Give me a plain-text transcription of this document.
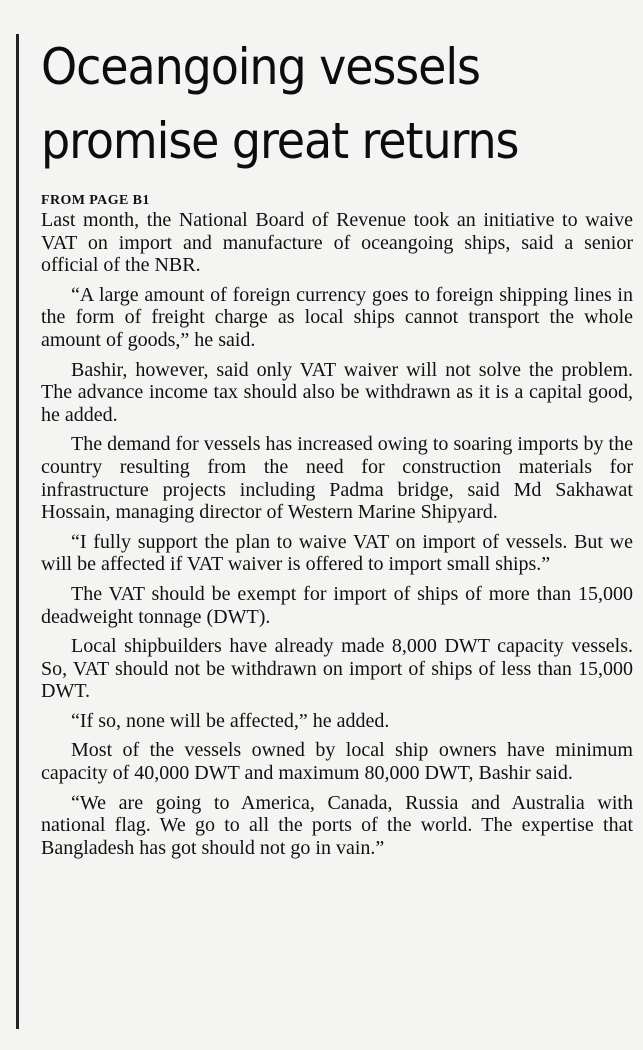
Oceangoing vessels
promise great returns
FROM PAGE B1

Last month, the National Board of Revenue took an initiative to waive VAT on import and manufacture of oceangoing ships, said a senior official of the NBR.

“A large amount of foreign currency goes to foreign shipping lines in the form of freight charge as local ships cannot transport the whole amount of goods,” he said.

Bashir, however, said only VAT waiver will not solve the problem. The advance income tax should also be withdrawn as it is a capital good, he added.

The demand for vessels has increased owing to soaring imports by the country resulting from the need for construction materials for infrastructure projects including Padma bridge, said Md Sakhawat Hossain, managing director of Western Marine Shipyard.

“I fully support the plan to waive VAT on import of vessels. But we will be affected if VAT waiver is offered to import small ships.”

The VAT should be exempt for import of ships of more than 15,000 deadweight tonnage (DWT).

Local shipbuilders have already made 8,000 DWT capacity vessels. So, VAT should not be withdrawn on import of ships of less than 15,000 DWT.

“If so, none will be affected,” he added.

Most of the vessels owned by local ship owners have minimum capacity of 40,000 DWT and maximum 80,000 DWT, Bashir said.

“We are going to America, Canada, Russia and Australia with national flag. We go to all the ports of the world. The expertise that Bangladesh has got should not go in vain.”
